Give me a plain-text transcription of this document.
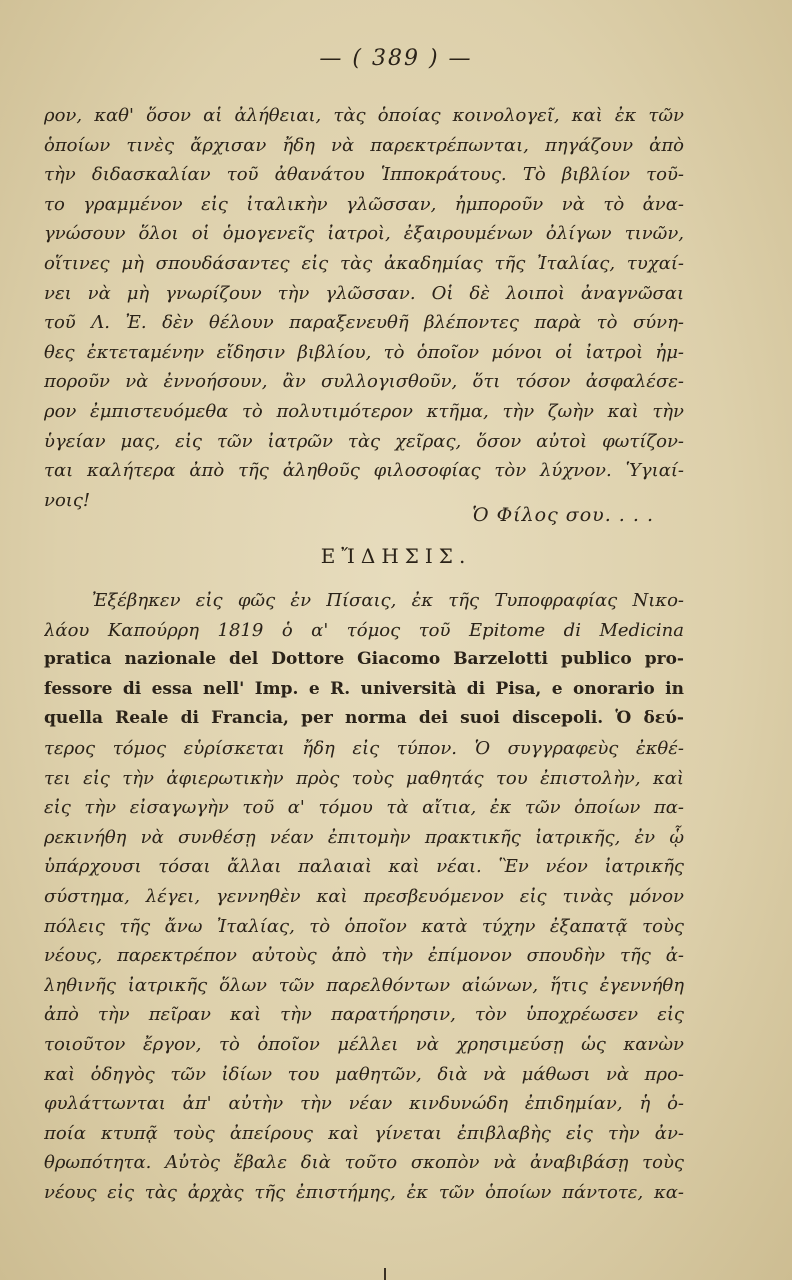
— ( 389 ) —
ρον, καθ' ὅσον αἱ ἀλήθειαι, τὰς ὁποίας κοινολογεῖ, καὶ ἐκ τῶν
ὁποίων τινὲς ἄρχισαν ἤδη νὰ παρεκτρέπωνται, πηγάζουν ἀπὸ
τὴν διδασκαλίαν τοῦ ἀθανάτου Ἱπποκράτους. Τὸ βιβλίον τοῦ-
το γραμμένον εἰς ἰταλικὴν γλῶσσαν, ἠμποροῦν νὰ τὸ ἀνα-
γνώσουν ὅλοι οἱ ὁμογενεῖς ἰατροὶ, ἐξαιρουμένων ὀλίγων τινῶν,
οἵτινες μὴ σπουδάσαντες εἰς τὰς ἀκαδημίας τῆς Ἰταλίας, τυχαί-
νει νὰ μὴ γνωρίζουν τὴν γλῶσσαν. Οἱ δὲ λοιποὶ ἀναγνῶσαι
τοῦ Λ. Ἐ. δὲν θέλουν παραξενευθῆ βλέποντες παρὰ τὸ σύνη-
θες ἐκτεταμένην εἴδησιν βιβλίου, τὸ ὁποῖον μόνοι οἱ ἰατροὶ ἠμ-
ποροῦν νὰ ἐννοήσουν, ἂν συλλογισθοῦν, ὅτι τόσον ἀσφαλέσε-
ρον ἐμπιστευόμεθα τὸ πολυτιμότερον κτῆμα, τὴν ζωὴν καὶ τὴν
ὑγείαν μας, εἰς τῶν ἰατρῶν τὰς χεῖρας, ὅσον αὐτοὶ φωτίζον-
ται καλήτερα ἀπὸ τῆς ἀληθοῦς φιλοσοφίας τὸν λύχνον. Ὑγιαί-
νοις!
Ὁ Φίλος σου. . . .
ΕἼΔΗΣΙΣ.
Ἐξέβηκεν εἰς φῶς ἐν Πίσαις, ἐκ τῆς Τυποφραφίας Νικο-
λάου Καπούρρη 1819 ὁ α' τόμος τοῦ Epitome di Medicina
pratica nazionale del Dottore Giacomo Barzelotti publico pro-
fessore di essa nell' Imp. e R. università di Pisa, e onorario in
quella Reale di Francia, per norma dei suoi discepoli. Ὁ δεύ-
τερος τόμος εὑρίσκεται ἤδη εἰς τύπον. Ὁ συγγραφεὺς ἐκθέ-
τει εἰς τὴν ἀφιερωτικὴν πρὸς τοὺς μαθητάς του ἐπιστολὴν, καὶ
εἰς τὴν εἰσαγωγὴν τοῦ α' τόμου τὰ αἴτια, ἐκ τῶν ὁποίων πα-
ρεκινήθη νὰ συνθέσῃ νέαν ἐπιτομὴν πρακτικῆς ἰατρικῆς, ἐν ᾧ
ὑπάρχουσι τόσαι ἄλλαι παλαιαὶ καὶ νέαι. Ἓν νέον ἰατρικῆς
σύστημα, λέγει, γεννηθὲν καὶ πρεσβευόμενον εἰς τινὰς μόνον
πόλεις τῆς ἄνω Ἰταλίας, τὸ ὁποῖον κατὰ τύχην ἐξαπατᾷ τοὺς
νέους, παρεκτρέπον αὐτοὺς ἀπὸ τὴν ἐπίμονον σπουδὴν τῆς ἀ-
ληθινῆς ἰατρικῆς ὅλων τῶν παρελθόντων αἰώνων, ἥτις ἐγεννήθη
ἀπὸ τὴν πεῖραν καὶ τὴν παρατήρησιν, τὸν ὑποχρέωσεν εἰς
τοιοῦτον ἔργον, τὸ ὁποῖον μέλλει νὰ χρησιμεύσῃ ὡς κανὼν
καὶ ὁδηγὸς τῶν ἰδίων του μαθητῶν, διὰ νὰ μάθωσι νὰ προ-
φυλάττωνται ἀπ' αὐτὴν τὴν νέαν κινδυνώδη ἐπιδημίαν, ἡ ὁ-
ποία κτυπᾷ τοὺς ἀπείρους καὶ γίνεται ἐπιβλαβὴς εἰς τὴν ἀν-
θρωπότητα. Αὐτὸς ἔβαλε διὰ τοῦτο σκοπὸν νὰ ἀναβιβάσῃ τοὺς
νέους εἰς τὰς ἀρχὰς τῆς ἐπιστήμης, ἐκ τῶν ὁποίων πάντοτε, κα-
